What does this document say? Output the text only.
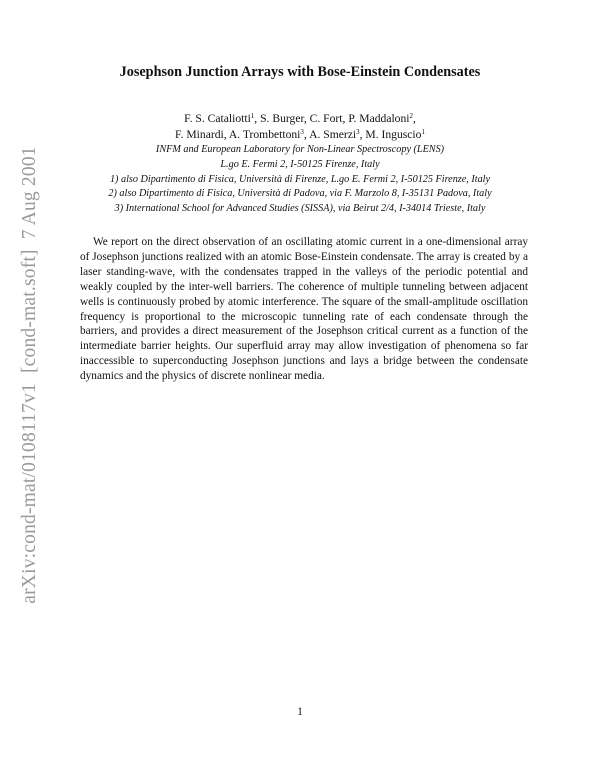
arXiv:cond-mat/0108117v1[cond-mat.soft]7 Aug 2001
Josephson Junction Arrays with Bose-Einstein Condensates
F. S. Cataliotti$^1$, S. Burger, C. Fort, P. Maddaloni$^2$,
F. Minardi, A. Trombettoni$^3$, A. Smerzi$^3$, M. Inguscio$^1$
INFM and European Laboratory for Non-Linear Spectroscopy (LENS)
L.go E. Fermi 2, I-50125 Firenze, Italy
1) also Dipartimento di Fisica, Università di Firenze, L.go E. Fermi 2, I-50125 Firenze, Italy
2) also Dipartimento di Fisica, Università di Padova, via F. Marzolo 8, I-35131 Padova, Italy
3) International School for Advanced Studies (SISSA), via Beirut 2/4, I-34014 Trieste, Italy

We report on the direct observation of an oscillating atomic current in a one-dimensional array of Josephson junctions realized with an atomic Bose-Einstein condensate. The array is created by a laser standing-wave, with the condensates trapped in the valleys of the periodic potential and weakly coupled by the inter-well barriers. The coherence of multiple tunneling between adjacent wells is continuously probed by atomic interference. The square of the small-amplitude oscillation frequency is proportional to the microscopic tunneling rate of each condensate through the barriers, and provides a direct measurement of the Josephson critical current as a function of the intermediate barrier heights. Our superfluid array may allow investigation of phenomena so far inaccessible to superconducting Josephson junctions and lays a bridge between the condensate dynamics and the physics of discrete nonlinear media.

1
